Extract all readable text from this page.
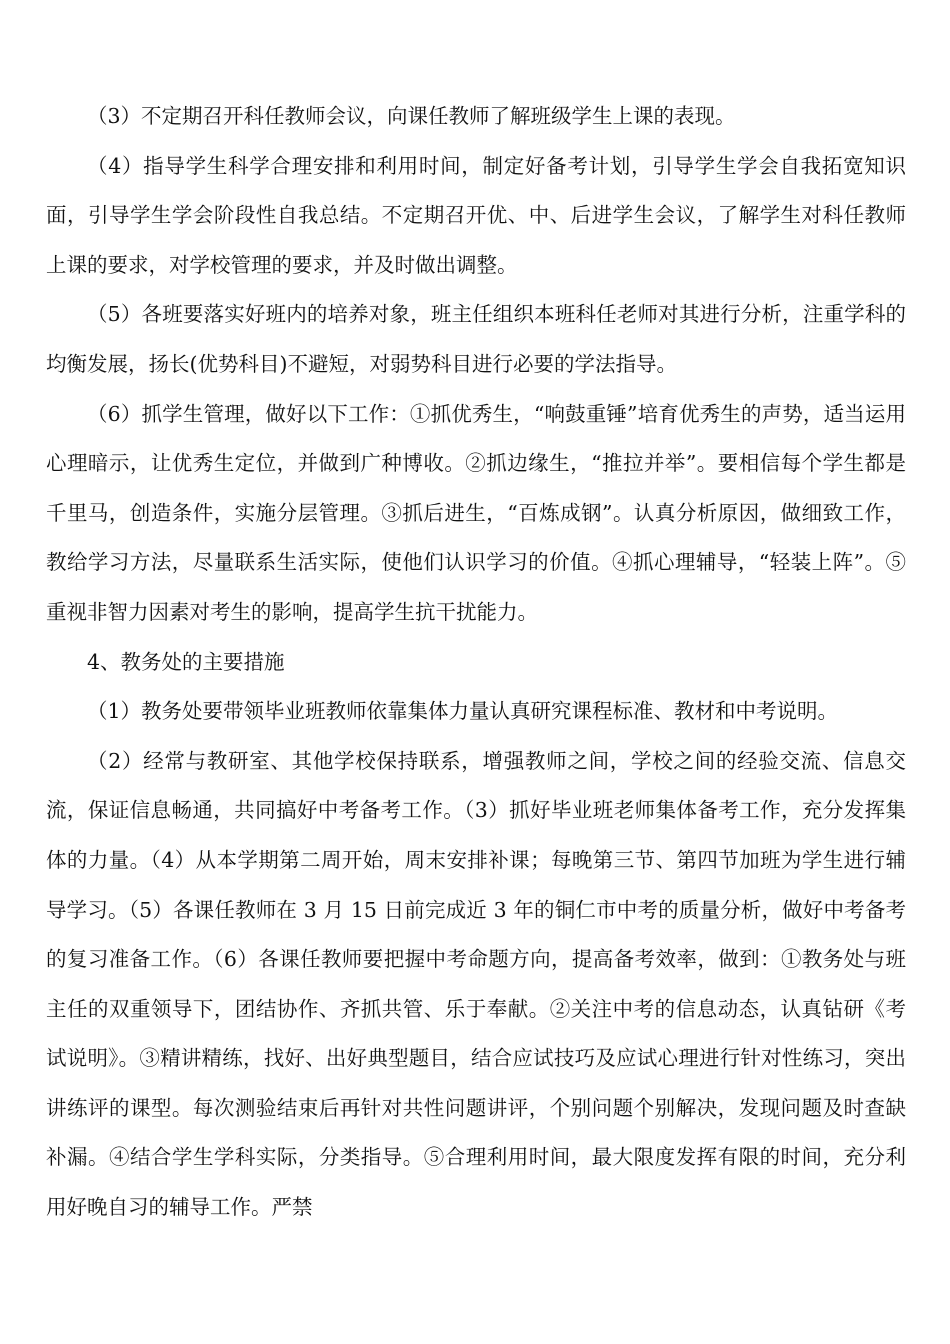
（3）不定期召开科任教师会议，向课任教师了解班级学生上课的表现。

（4）指导学生科学合理安排和利用时间，制定好备考计划，引导学生学会自我拓宽知识面，引导学生学会阶段性自我总结。不定期召开优、中、后进学生会议，了解学生对科任教师上课的要求，对学校管理的要求，并及时做出调整。

（5）各班要落实好班内的培养对象，班主任组织本班科任老师对其进行分析，注重学科的均衡发展，扬长(优势科目)不避短，对弱势科目进行必要的学法指导。

（6）抓学生管理，做好以下工作：①抓优秀生，“响鼓重锤”培育优秀生的声势，适当运用心理暗示，让优秀生定位，并做到广种博收。②抓边缘生，“推拉并举”。要相信每个学生都是千里马，创造条件，实施分层管理。③抓后进生，“百炼成钢”。认真分析原因，做细致工作，教给学习方法，尽量联系生活实际，使他们认识学习的价值。④抓心理辅导，“轻装上阵”。⑤重视非智力因素对考生的影响，提高学生抗干扰能力。

4、教务处的主要措施

（1）教务处要带领毕业班教师依靠集体力量认真研究课程标准、教材和中考说明。

（2）经常与教研室、其他学校保持联系，增强教师之间，学校之间的经验交流、信息交流，保证信息畅通，共同搞好中考备考工作。（3）抓好毕业班老师集体备考工作，充分发挥集体的力量。（4）从本学期第二周开始，周末安排补课；每晚第三节、第四节加班为学生进行辅导学习。（5）各课任教师在 3 月 15 日前完成近 3 年的铜仁市中考的质量分析，做好中考备考的复习准备工作。（6）各课任教师要把握中考命题方向，提高备考效率，做到：①教务处与班主任的双重领导下，团结协作、齐抓共管、乐于奉献。②关注中考的信息动态，认真钻研《考试说明》。③精讲精练，找好、出好典型题目，结合应试技巧及应试心理进行针对性练习，突出讲练评的课型。每次测验结束后再针对共性问题讲评，个别问题个别解决，发现问题及时查缺补漏。④结合学生学科实际，分类指导。⑤合理利用时间，最大限度发挥有限的时间，充分利用好晚自习的辅导工作。严禁
